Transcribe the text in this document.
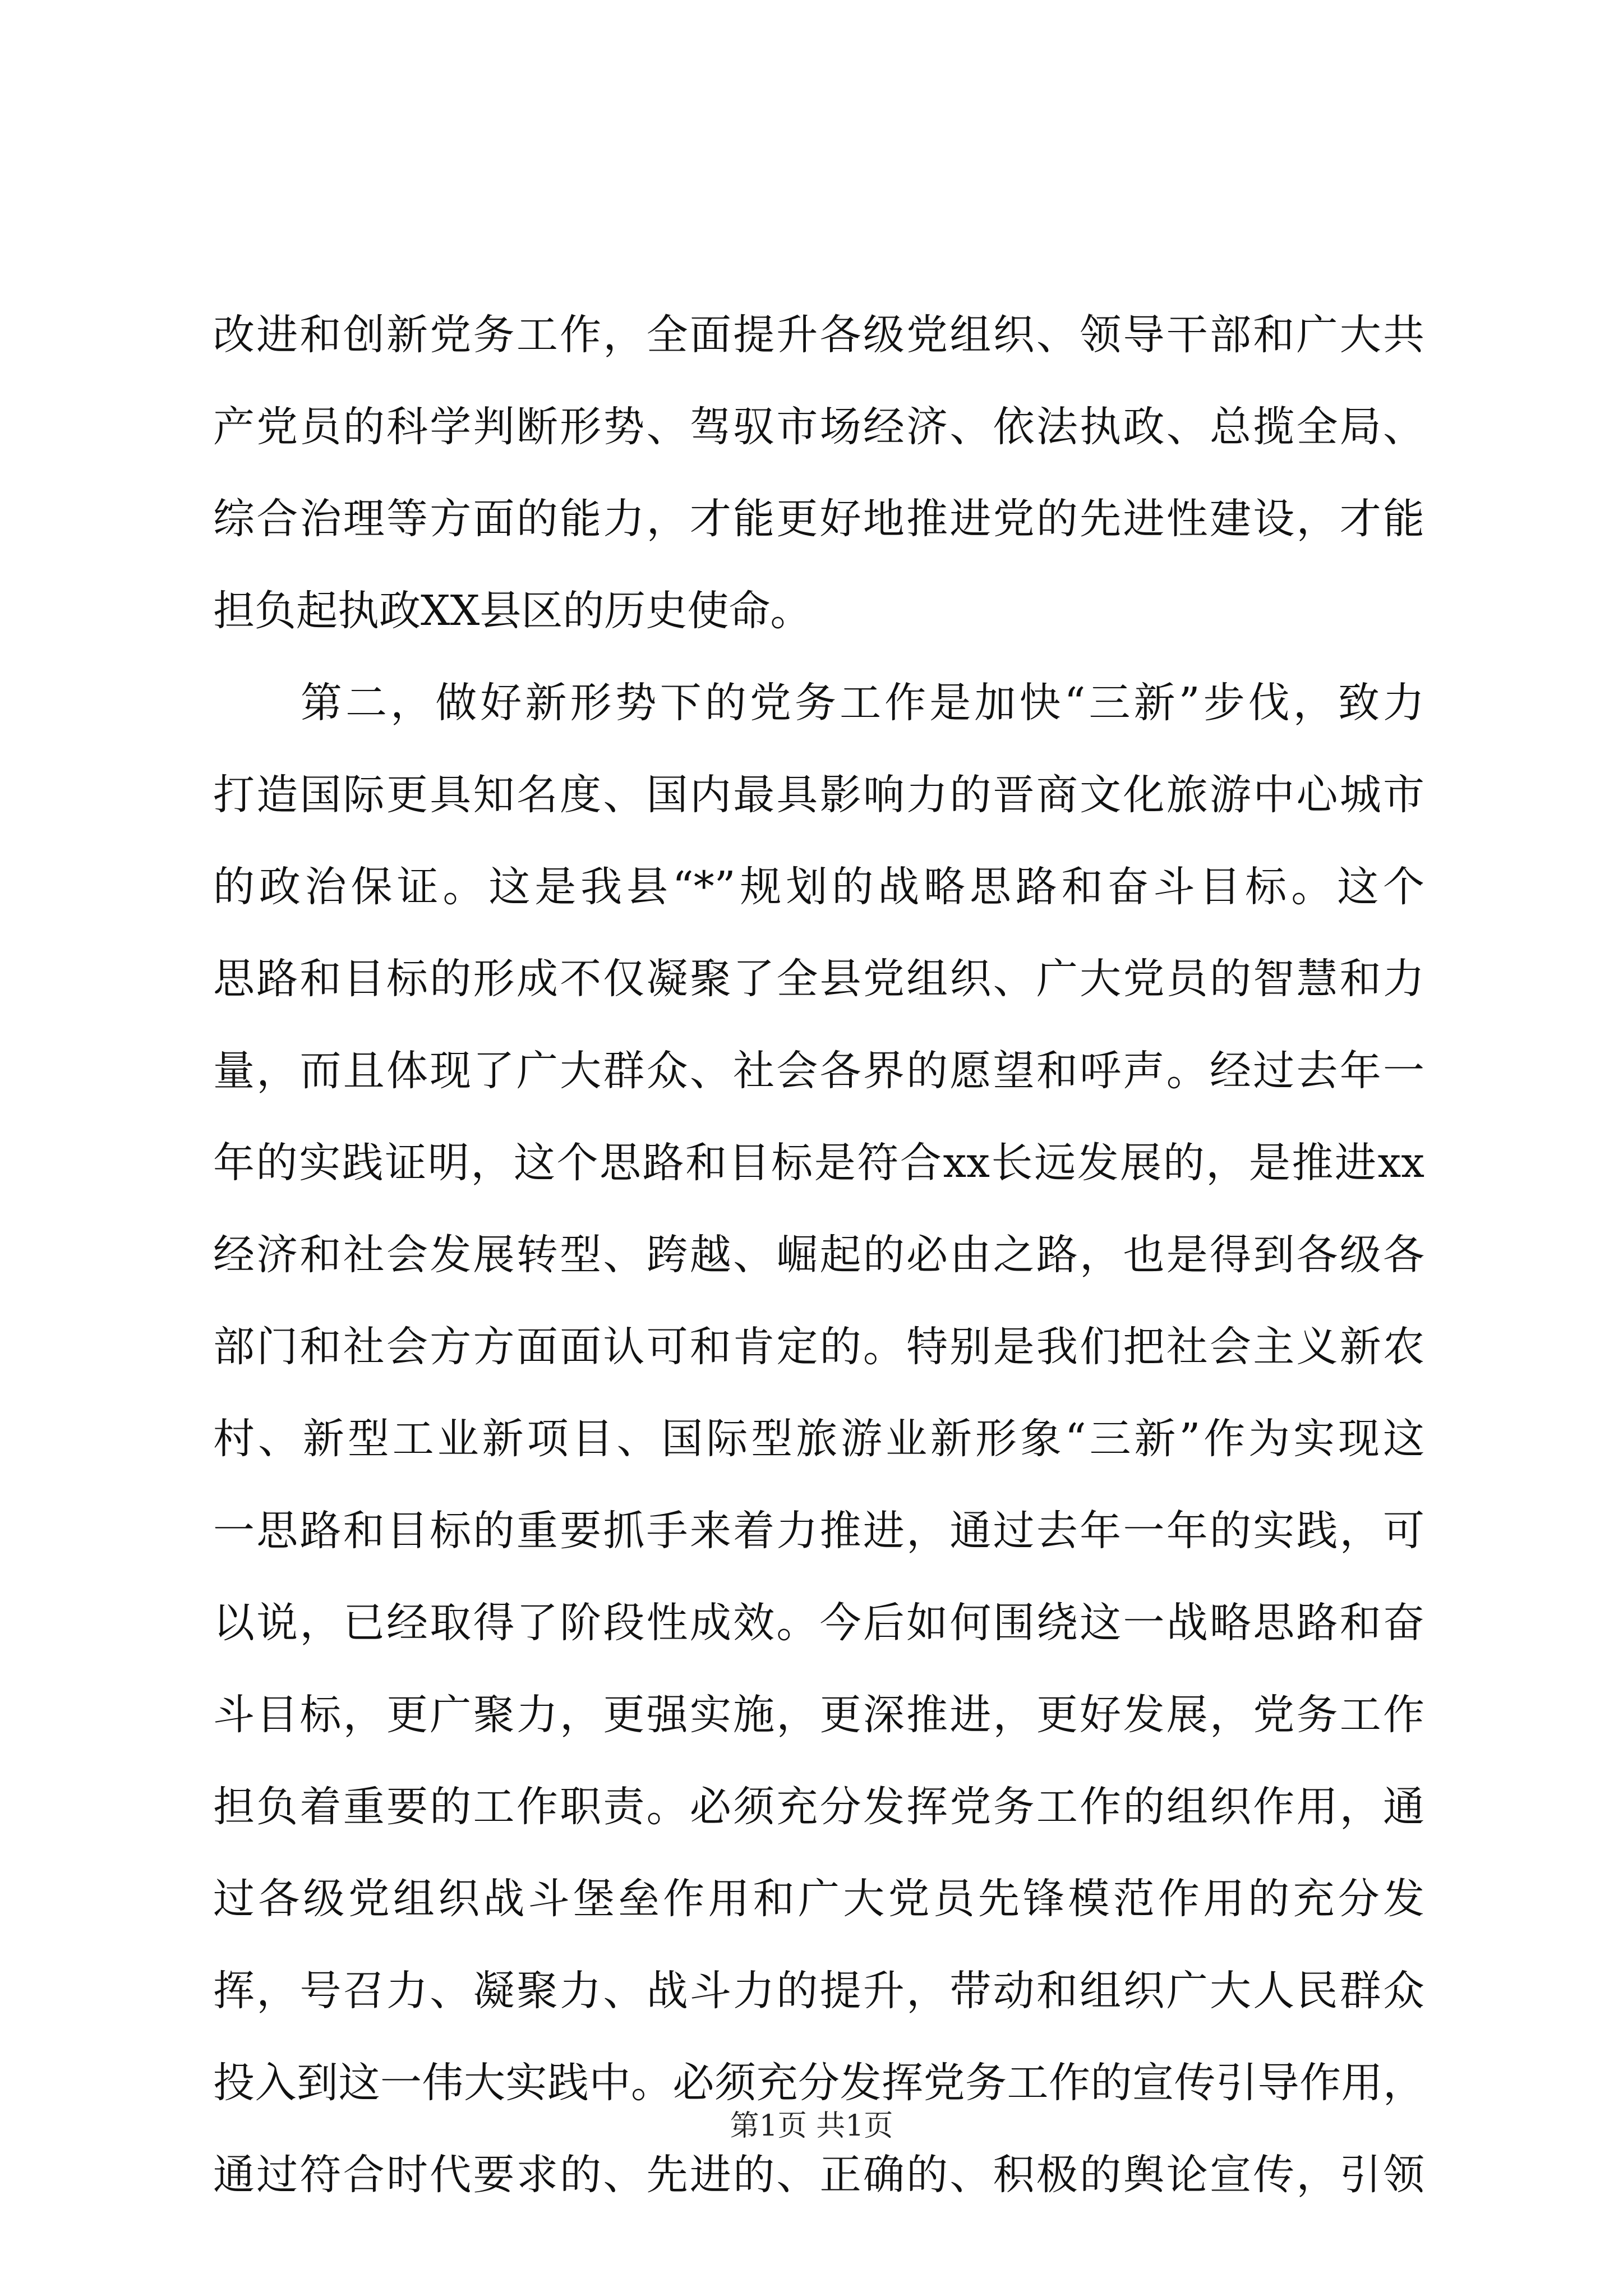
改进和创新党务工作，全面提升各级党组织、领导干部和广大共
产党员的科学判断形势、驾驭市场经济、依法执政、总揽全局、
综合治理等方面的能力，才能更好地推进党的先进性建设，才能
担负起执政XX县区的历史使命。
第二，做好新形势下的党务工作是加快“三新”步伐，致力
打造国际更具知名度、国内最具影响力的晋商文化旅游中心城市
的政治保证。这是我县“*”规划的战略思路和奋斗目标。这个
思路和目标的形成不仅凝聚了全县党组织、广大党员的智慧和力
量，而且体现了广大群众、社会各界的愿望和呼声。经过去年一
年的实践证明，这个思路和目标是符合xx长远发展的，是推进xx
经济和社会发展转型、跨越、崛起的必由之路，也是得到各级各
部门和社会方方面面认可和肯定的。特别是我们把社会主义新农
村、新型工业新项目、国际型旅游业新形象“三新”作为实现这
一思路和目标的重要抓手来着力推进，通过去年一年的实践，可
以说，已经取得了阶段性成效。今后如何围绕这一战略思路和奋
斗目标，更广聚力，更强实施，更深推进，更好发展，党务工作
担负着重要的工作职责。必须充分发挥党务工作的组织作用，通
过各级党组织战斗堡垒作用和广大党员先锋模范作用的充分发
挥，号召力、凝聚力、战斗力的提升，带动和组织广大人民群众
投入到这一伟大实践中。必须充分发挥党务工作的宣传引导作用，
通过符合时代要求的、先进的、正确的、积极的舆论宣传，引领
第1页 共1页
